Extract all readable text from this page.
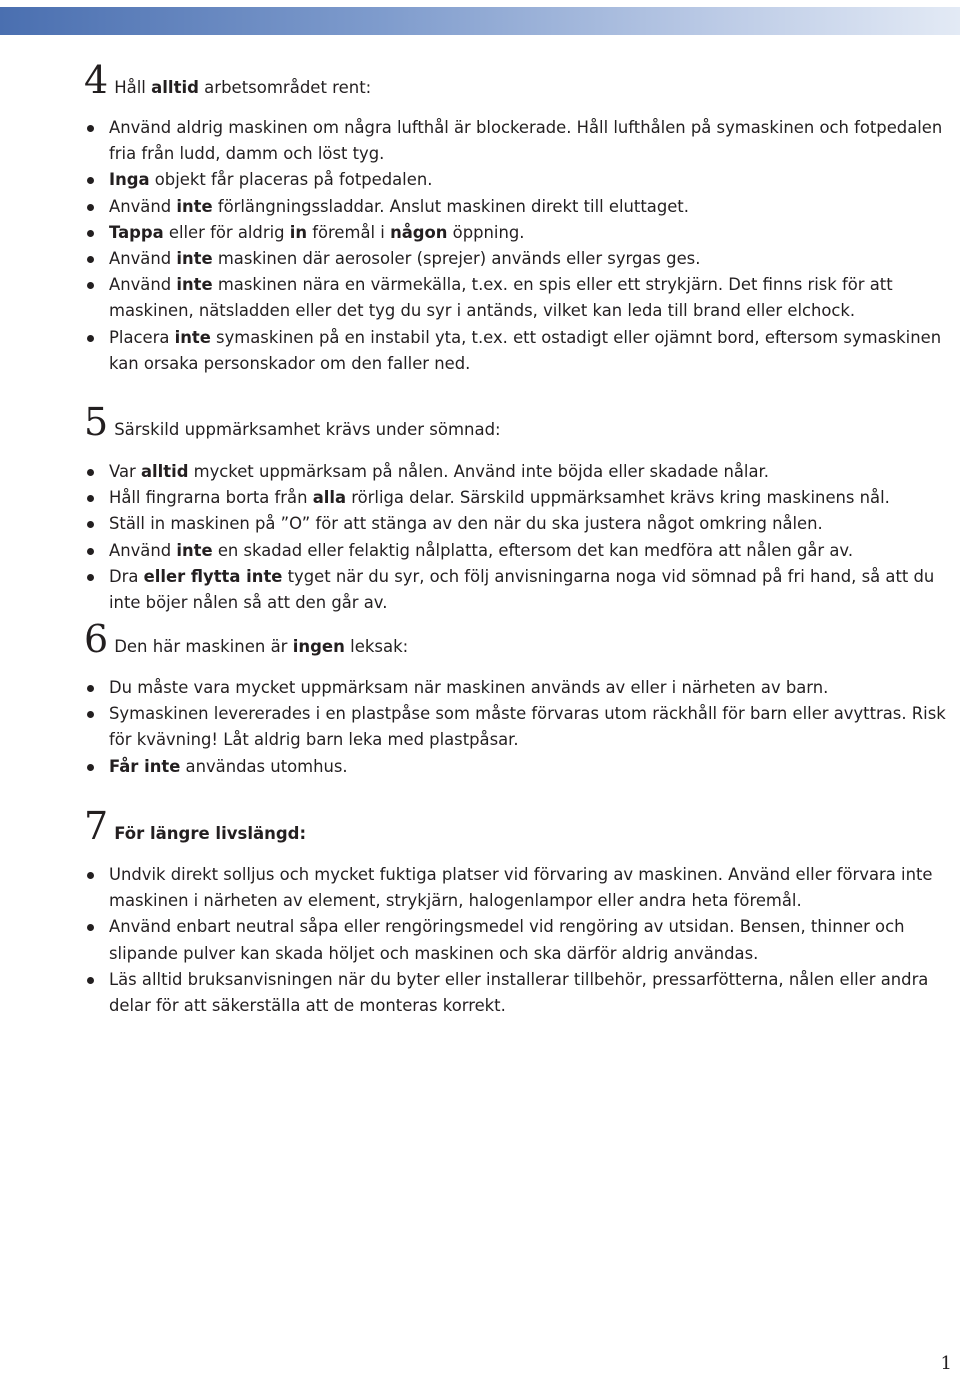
4 Håll alltid arbetsområdet rent:
Använd aldrig maskinen om några lufthål är blockerade. Håll lufthålen på symaskinen och fotpedalen fria från ludd, damm och löst tyg.
Inga objekt får placeras på fotpedalen.
Använd inte förlängningssladdar. Anslut maskinen direkt till eluttaget.
Tappa eller för aldrig in föremål i någon öppning.
Använd inte maskinen där aerosoler (sprejer) används eller syrgas ges.
Använd inte maskinen nära en värmekälla, t.ex. en spis eller ett strykjärn. Det finns risk för att maskinen, nätsladden eller det tyg du syr i antänds, vilket kan leda till brand eller elchock.
Placera inte symaskinen på en instabil yta, t.ex. ett ostadigt eller ojämnt bord, eftersom symaskinen kan orsaka personskador om den faller ned.
5 Särskild uppmärksamhet krävs under sömnad:
Var alltid mycket uppmärksam på nålen. Använd inte böjda eller skadade nålar.
Håll fingrarna borta från alla rörliga delar. Särskild uppmärksamhet krävs kring maskinens nål.
Ställ in maskinen på ”O” för att stänga av den när du ska justera något omkring nålen.
Använd inte en skadad eller felaktig nålplatta, eftersom det kan medföra att nålen går av.
Dra eller flytta inte tyget när du syr, och följ anvisningarna noga vid sömnad på fri hand, så att du inte böjer nålen så att den går av.
6 Den här maskinen är ingen leksak:
Du måste vara mycket uppmärksam när maskinen används av eller i närheten av barn.
Symaskinen levererades i en plastpåse som måste förvaras utom räckhåll för barn eller avyttras. Risk för kvävning! Låt aldrig barn leka med plastpåsar.
Får inte användas utomhus.
7 För längre livslängd:
Undvik direkt solljus och mycket fuktiga platser vid förvaring av maskinen. Använd eller förvara inte maskinen i närheten av element, strykjärn, halogenlampor eller andra heta föremål.
Använd enbart neutral såpa eller rengöringsmedel vid rengöring av utsidan. Bensen, thinner och slipande pulver kan skada höljet och maskinen och ska därför aldrig användas.
Läs alltid bruksanvisningen när du byter eller installerar tillbehör, pressarfötterna, nålen eller andra delar för att säkerställa att de monteras korrekt.
1
